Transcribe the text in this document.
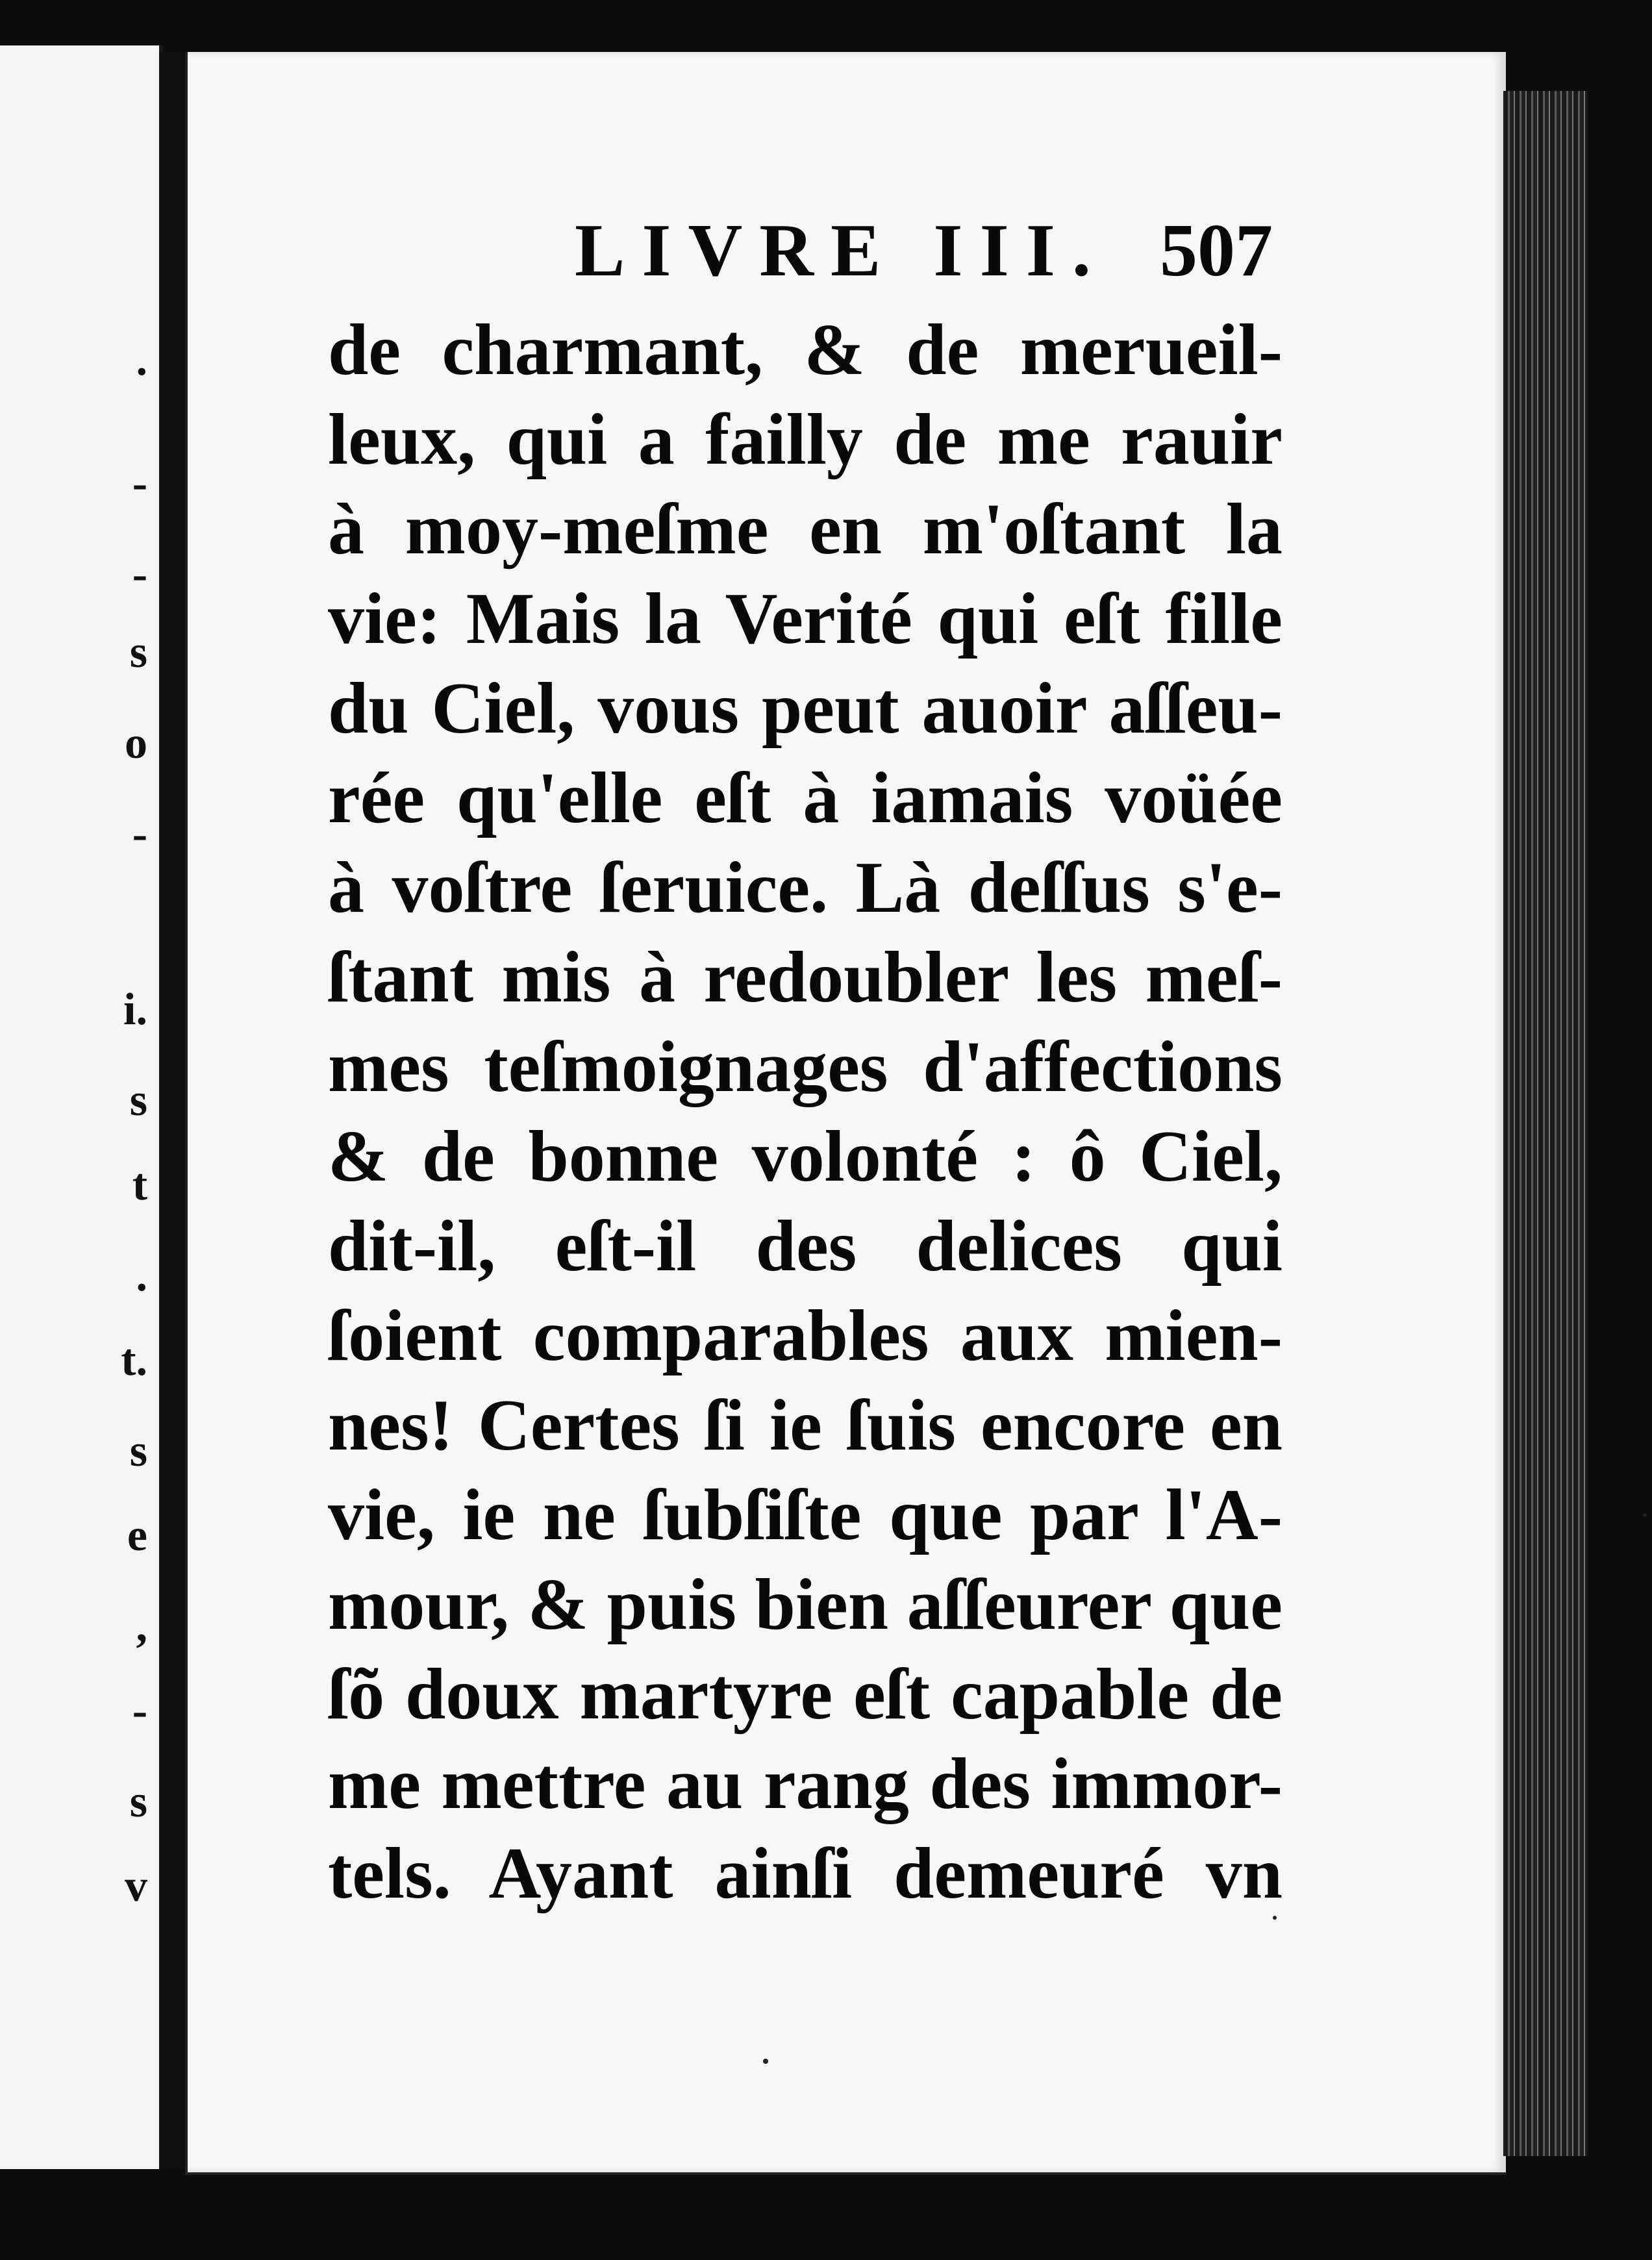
.
-
-
s
o
-
i.
s
t
.
t.
s
e
,
-
s
v
LIVRE III. 507
de charmant, & de merueil-
leux, qui a failly de me rauir
à moy-meſme en m'oſtant la
vie: Mais la Verité qui eſt fille
du Ciel, vous peut auoir aſſeu-
rée qu'elle eſt à iamais voüée
à voſtre ſeruice. Là deſſus s'e-
ſtant mis à redoubler les meſ-
mes teſmoignages d'affections
& de bonne volonté : ô Ciel,
dit-il, eſt-il des delices qui
ſoient comparables aux mien-
nes! Certes ſi ie ſuis encore en
vie, ie ne ſubſiſte que par l'A-
mour, & puis bien aſſeurer que
ſõ doux martyre eſt capable de
me mettre au rang des immor-
tels. Ayant ainſi demeuré vn
